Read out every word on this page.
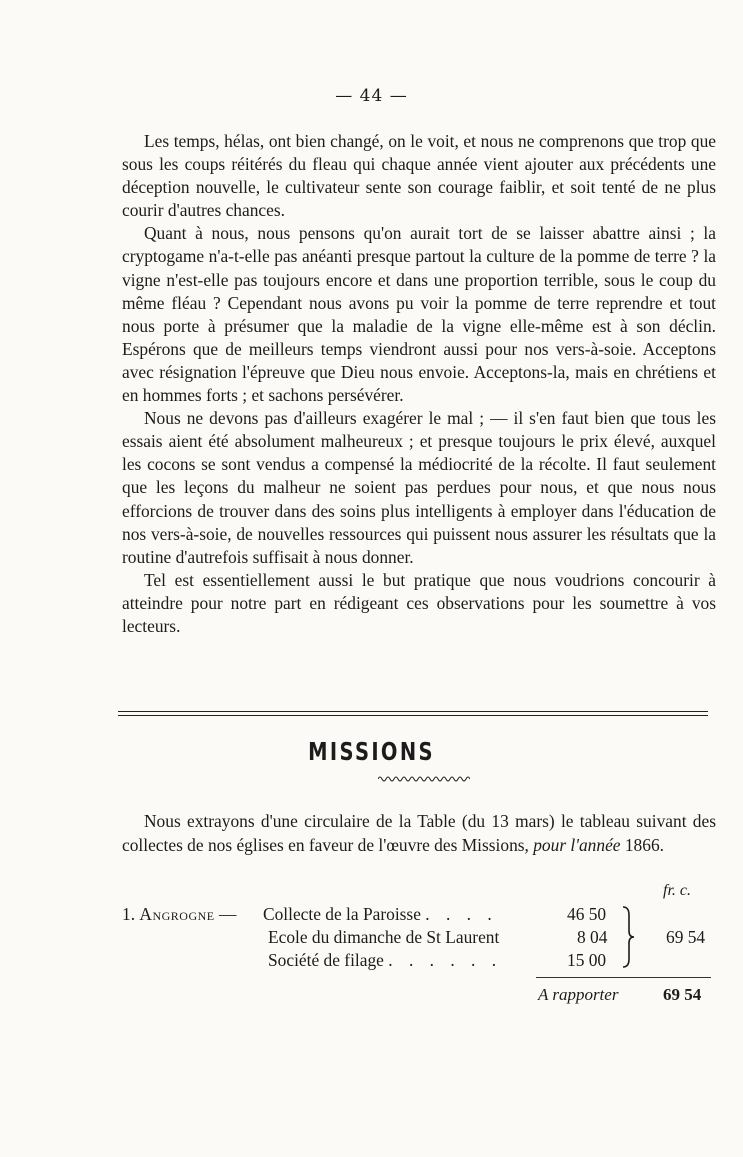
— 44 —

Les temps, hélas, ont bien changé, on le voit, et nous ne comprenons que trop que sous les coups réitérés du fleau qui chaque année vient ajouter aux précédents une déception nouvelle, le cultivateur sente son courage faiblir, et soit tenté de ne plus courir d'autres chances.

Quant à nous, nous pensons qu'on aurait tort de se laisser abattre ainsi ; la cryptogame n'a-t-elle pas anéanti presque partout la culture de la pomme de terre ? la vigne n'est-elle pas toujours encore et dans une proportion terrible, sous le coup du même fléau ? Cependant nous avons pu voir la pomme de terre reprendre et tout nous porte à présumer que la maladie de la vigne elle-même est à son déclin. Espérons que de meilleurs temps viendront aussi pour nos vers-à-soie. Acceptons avec résignation l'épreuve que Dieu nous envoie. Acceptons-la, mais en chrétiens et en hommes forts ; et sachons persévérer.

Nous ne devons pas d'ailleurs exagérer le mal ; — il s'en faut bien que tous les essais aient été absolument malheureux ; et presque toujours le prix élevé, auxquel les cocons se sont vendus a compensé la médiocrité de la récolte. Il faut seulement que les leçons du malheur ne soient pas perdues pour nous, et que nous nous efforcions de trouver dans des soins plus intelligents à employer dans l'éducation de nos vers-à-soie, de nouvelles ressources qui puissent nous assurer les résultats que la routine d'autrefois suffisait à nous donner.

Tel est essentiellement aussi le but pratique que nous voudrions concourir à atteindre pour notre part en rédigeant ces observations pour les soumettre à vos lecteurs.

MISSIONS

Nous extrayons d'une circulaire de la Table (du 13 mars) le tableau suivant des collectes de nos églises en faveur de l'œuvre des Missions, pour l'année 1866.

fr. c.
1. Angrogne — Collecte de la Paroisse . . . .	46 50
Ecole du dimanche de St Laurent	8 04
Société de filage . . . . . .	15 00
69 54
A rapporter	69 54
